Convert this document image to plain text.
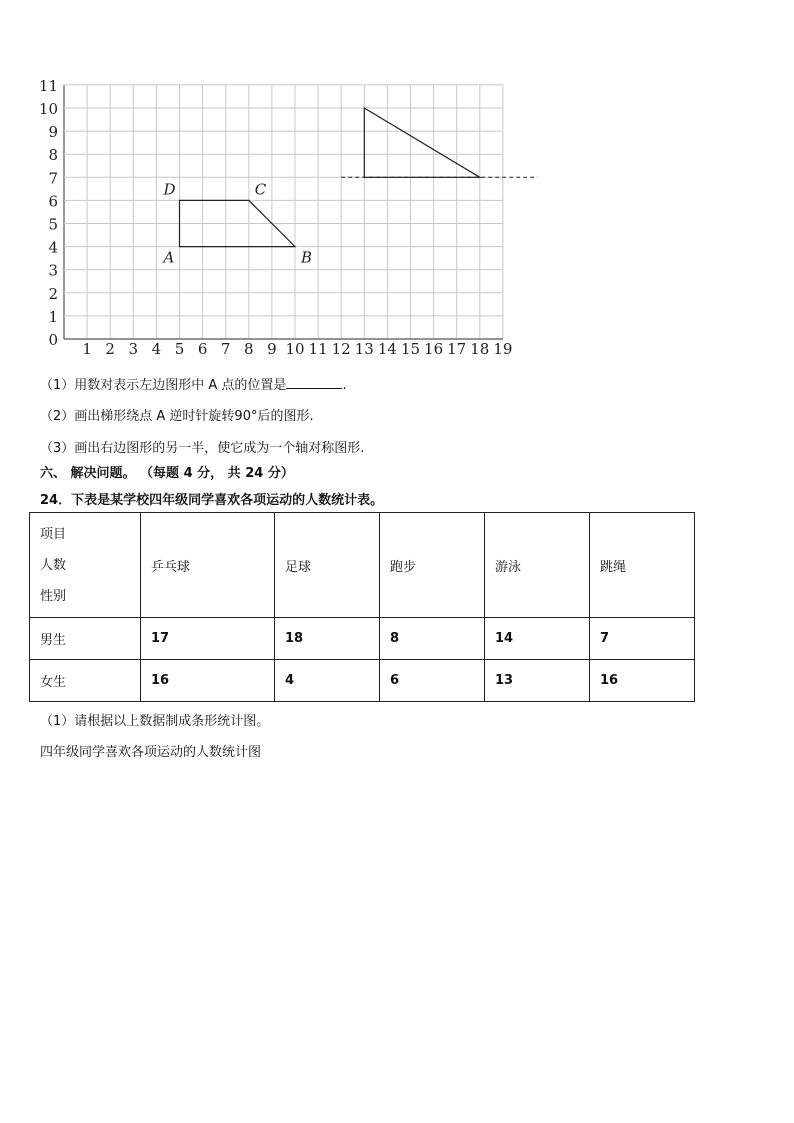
1 2 3 4 5 6 7 8 9 10 11 12 13 14 15 16 17 18 19
0
1
2
3
4
5
6
7
8
9
10
11
A	B
C
D
（1）用数对表示左边图形中 A 点的位置是	.
（2）画出梯形绕点 A 逆时针旋转90°后的图形.
（3）画出右边图形的另一半，使它成为一个轴对称图形.
六、 解决问题。 （每题 4 分， 共 24 分）
24．下表是某学校四年级同学喜欢各项运动的人数统计表。
项目
人数
性别	乒乓球	足球	跑步	游泳	跳绳
男生	17	18	8	14	7
女生	16	4	6	13	16
（1）请根据以上数据制成条形统计图。
四年级同学喜欢各项运动的人数统计图
